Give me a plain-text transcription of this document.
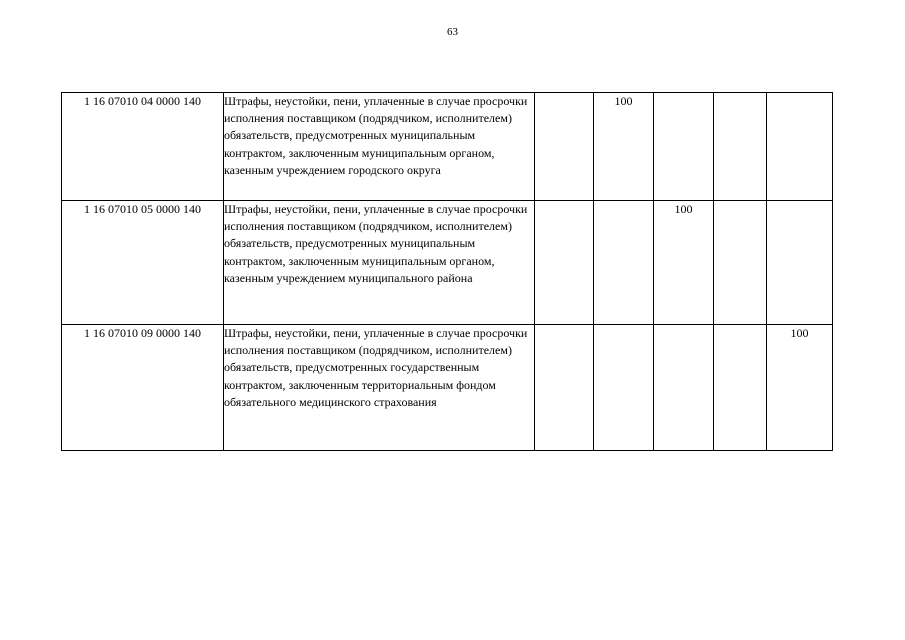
63
1 16 07010 04 0000 140	Штрафы, неустойки, пени, уплаченные в случае просрочки исполнения поставщиком (подрядчиком, исполнителем) обязательств, предусмотренных муниципальным контрактом, заключенным муниципальным органом, казенным учреждением городского округа		100			
1 16 07010 05 0000 140	Штрафы, неустойки, пени, уплаченные в случае просрочки исполнения поставщиком (подрядчиком, исполнителем) обязательств, предусмотренных муниципальным контрактом, заключенным муниципальным органом, казенным учреждением муниципального района			100		
1 16 07010 09 0000 140	Штрафы, неустойки, пени, уплаченные в случае просрочки исполнения поставщиком (подрядчиком, исполнителем) обязательств, предусмотренных государственным контрактом, заключенным территориальным фондом обязательного медицинского страхования					100
